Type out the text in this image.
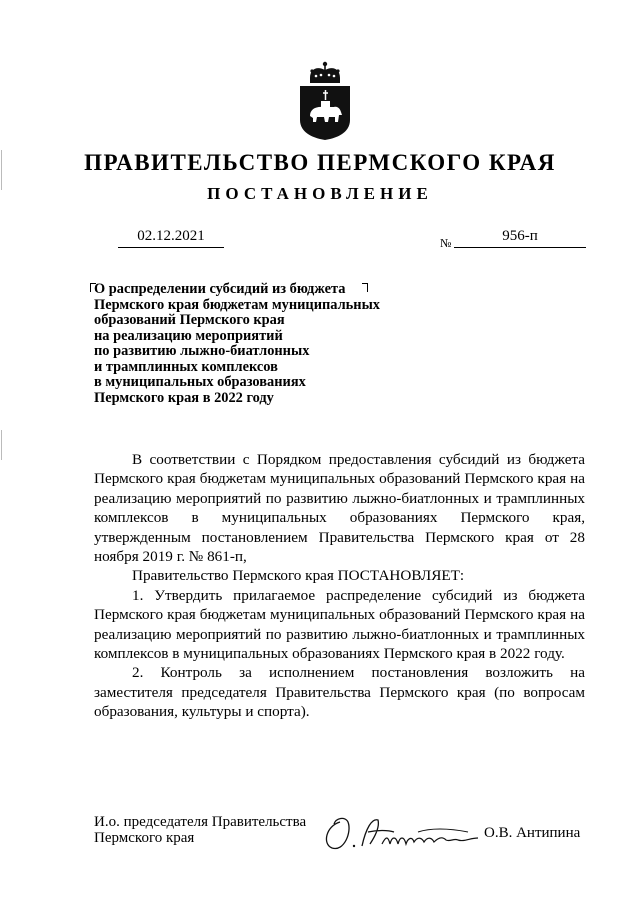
ПРАВИТЕЛЬСТВО ПЕРМСКОГО КРАЯ
ПОСТАНОВЛЕНИЕ
02.12.2021	№	956-п
О распределении субсидий из бюджета
Пермского края бюджетам муниципальных
образований Пермского края
на реализацию мероприятий
по развитию лыжно-биатлонных
и трамплинных комплексов
в муниципальных образованиях
Пермского края в 2022 году

В соответствии с Порядком предоставления субсидий из бюджета Пермского края бюджетам муниципальных образований Пермского края на реализацию мероприятий по развитию лыжно-биатлонных и трамплинных комплексов в муниципальных образованиях Пермского края, утвержденным постановлением Правительства Пермского края от 28 ноября 2019 г. № 861-п,

Правительство Пермского края ПОСТАНОВЛЯЕТ:

1. Утвердить прилагаемое распределение субсидий из бюджета Пермского края бюджетам муниципальных образований Пермского края на реализацию мероприятий по развитию лыжно-биатлонных и трамплинных комплексов в муниципальных образованиях Пермского края в 2022 году.

2. Контроль за исполнением постановления возложить на заместителя председателя Правительства Пермского края (по вопросам образования, культуры и спорта).

И.о. председателя Правительства
Пермского края	О.В. Антипина
